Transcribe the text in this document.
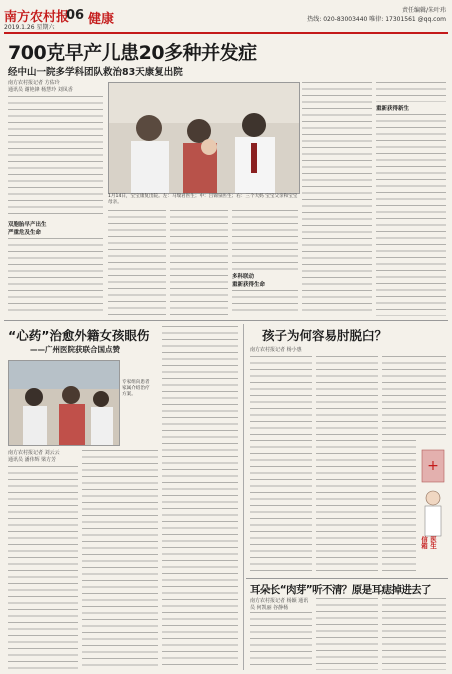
南方农村报
2019.1.26 星期六
06 健康
责任编辑/朱叶玮
热线: 020-83003440 唯律: 17301561 @qq.com
700克早产儿患20多种并发症
经中山一院多学科团队救治83天康复出院
南方农村报记者 方佑玲
通讯员 谢艳锋 杨慧玲 刘凤香
双胞胎早产出生
严重危及生命
1月14日，宝宝康复出院。左：马瑞君医生；中：吕锦泉医生；右：三个大妈 宝宝父亲和宝宝母亲。
多科联动
重新获得生命
重新获得新生
“心药”治愈外籍女孩眼伤
——广州医院获联合国点赞
专家组向患者家属介绍治疗方案。
南方农村报记者 刘云云
通讯员 潘伟辉 梁方芳
孩子为何容易肘脱臼？
南方农村报记者 杨小惠
+
医生信箱
耳朵长“肉芽”听不清？原是耳痣掉进去了
南方农村报记者 杨颖 通讯员 何凯丽 谷静杨
